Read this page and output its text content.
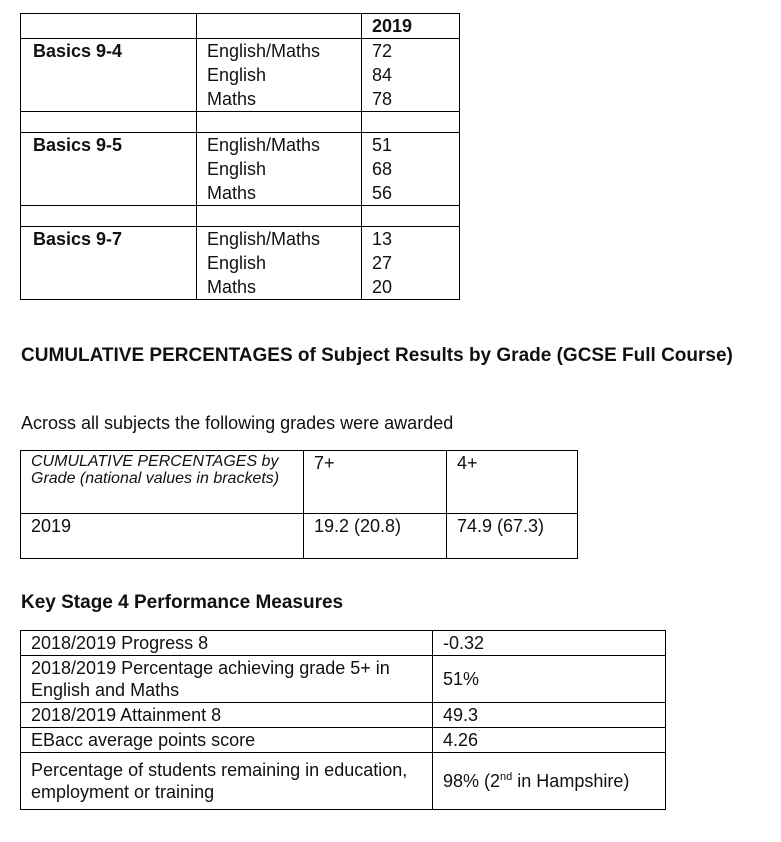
		2019
Basics 9-4	English/Maths	72
	English	84
	Maths	78

Basics 9-5	English/Maths	51
	English	68
	Maths	56

Basics 9-7	English/Maths	13
	English	27
	Maths	20

CUMULATIVE PERCENTAGES of Subject Results by Grade (GCSE Full Course)

Across all subjects the following grades were awarded
CUMULATIVE PERCENTAGES by Grade (national values in brackets)	7+	4+
2019	19.2 (20.8)	74.9 (67.3)

Key Stage 4 Performance Measures

2018/2019 Progress 8	-0.32
2018/2019 Percentage achieving grade 5+ in English and Maths	51%
2018/2019 Attainment 8	49.3
EBacc average points score	4.26
Percentage of students remaining in education, employment or training	98% (2nd in Hampshire)
